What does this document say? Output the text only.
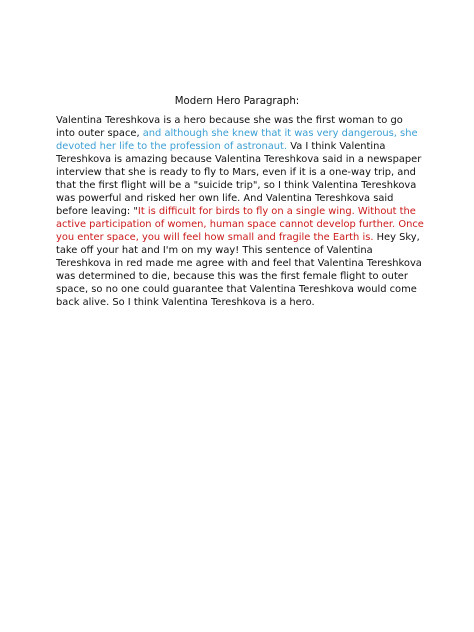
Modern Hero Paragraph:

Valentina Tereshkova is a hero because she was the first woman to go into outer space, and although she knew that it was very dangerous, she devoted her life to the profession of astronaut. Va I think Valentina Tereshkova is amazing because Valentina Tereshkova said in a newspaper interview that she is ready to fly to Mars, even if it is a one-way trip, and that the first flight will be a "suicide trip", so I think Valentina Tereshkova was powerful and risked her own life. And Valentina Tereshkova said before leaving: "It is difficult for birds to fly on a single wing. Without the active participation of women, human space cannot develop further. Once you enter space, you will feel how small and fragile the Earth is. Hey Sky, take off your hat and I'm on my way! This sentence of Valentina Tereshkova in red made me agree with and feel that Valentina Tereshkova was determined to die, because this was the first female flight to outer space, so no one could guarantee that Valentina Tereshkova would come back alive. So I think Valentina Tereshkova is a hero.
